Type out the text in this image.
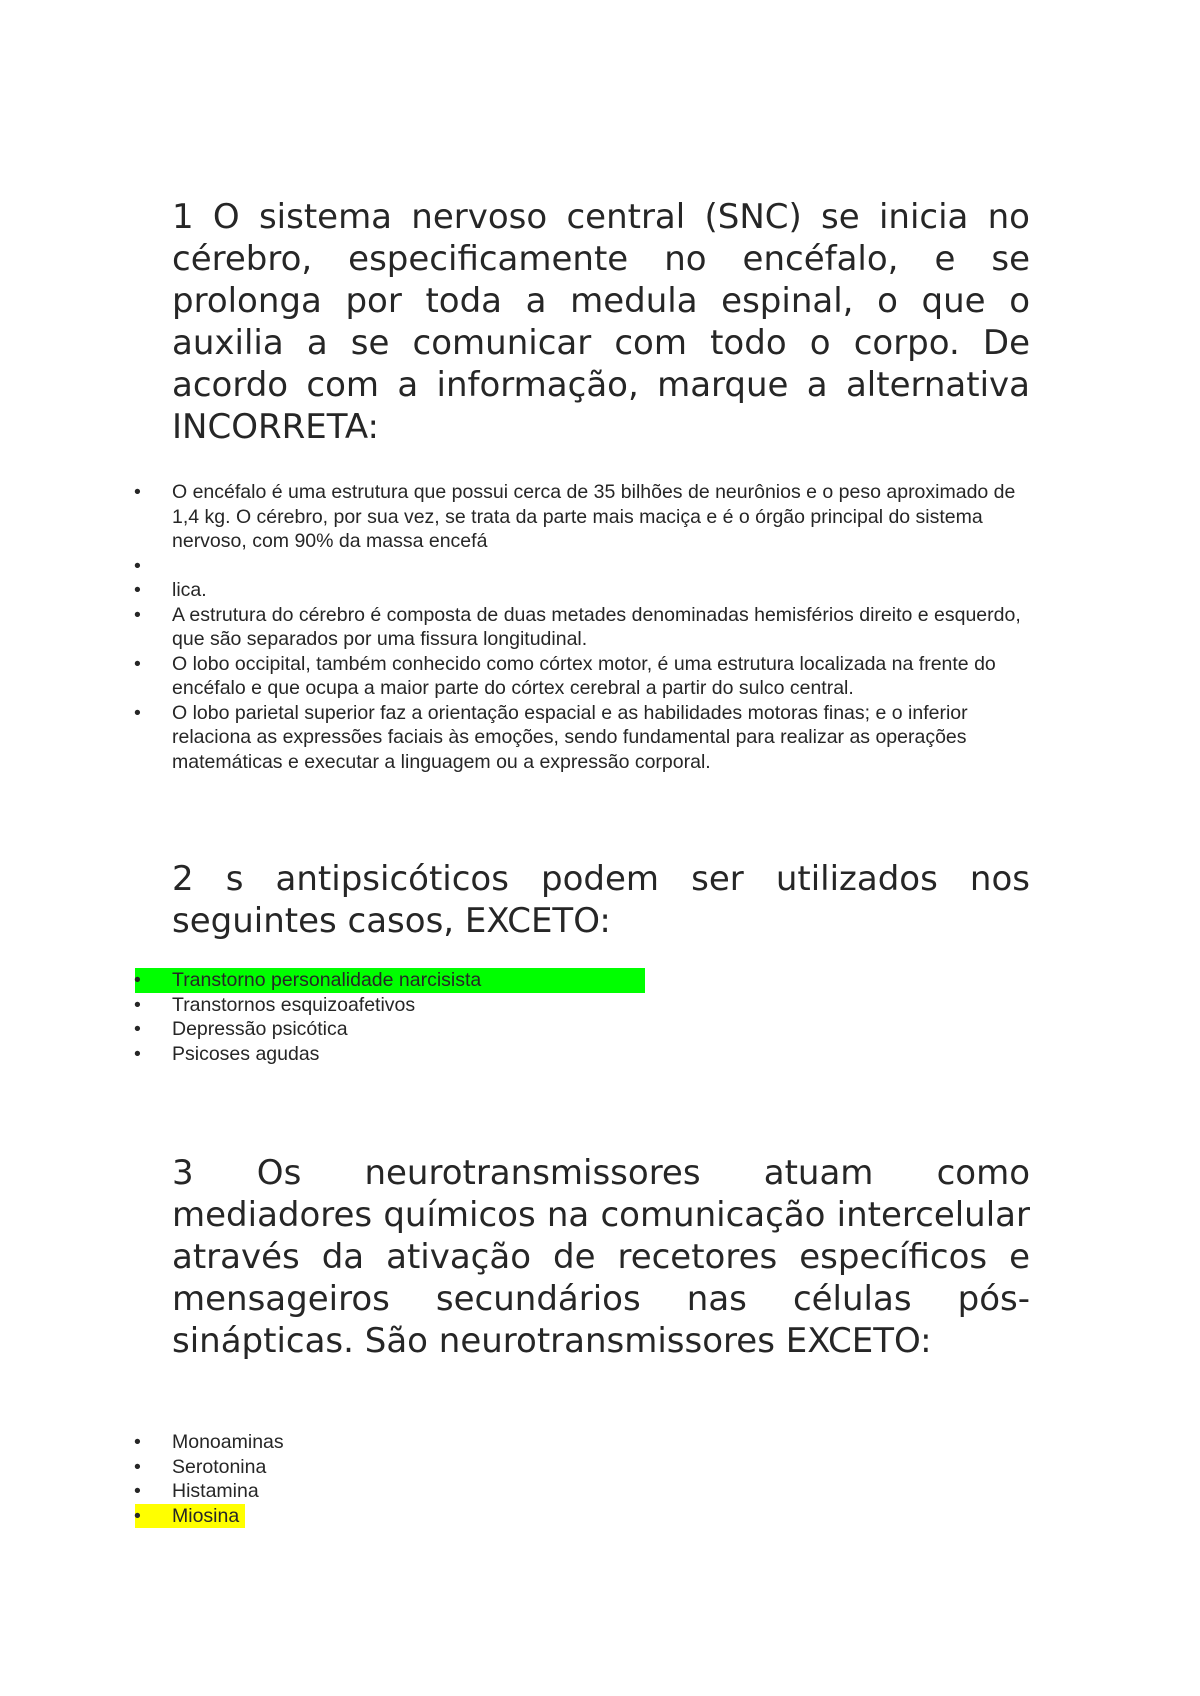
1 O sistema nervoso central (SNC) se inicia no cérebro, especificamente no encéfalo, e se prolonga por toda a medula espinal, o que o auxilia a se comunicar com todo o corpo. De acordo com a informação, marque a alternativa INCORRETA:

• O encéfalo é uma estrutura que possui cerca de 35 bilhões de neurônios e o peso aproximado de 1,4 kg. O cérebro, por sua vez, se trata da parte mais maciça e é o órgão principal do sistema nervoso, com 90% da massa encefá
•
• lica.
• A estrutura do cérebro é composta de duas metades denominadas hemisférios direito e esquerdo, que são separados por uma fissura longitudinal.
• O lobo occipital, também conhecido como córtex motor, é uma estrutura localizada na frente do encéfalo e que ocupa a maior parte do córtex cerebral a partir do sulco central.
• O lobo parietal superior faz a orientação espacial e as habilidades motoras finas; e o inferior relaciona as expressões faciais às emoções, sendo fundamental para realizar as operações matemáticas e executar a linguagem ou a expressão corporal.

2 s antipsicóticos podem ser utilizados nos seguintes casos, EXCETO:

•	Transtorno personalidade narcisista
• Transtornos esquizoafetivos
• Depressão psicótica
• Psicoses agudas

3 Os neurotransmissores atuam como mediadores químicos na comunicação intercelular através da ativação de recetores específicos e mensageiros secundários nas células pós-sinápticas. São neurotransmissores EXCETO:

• Monoaminas
• Serotonina
• Histamina
•	Miosina
